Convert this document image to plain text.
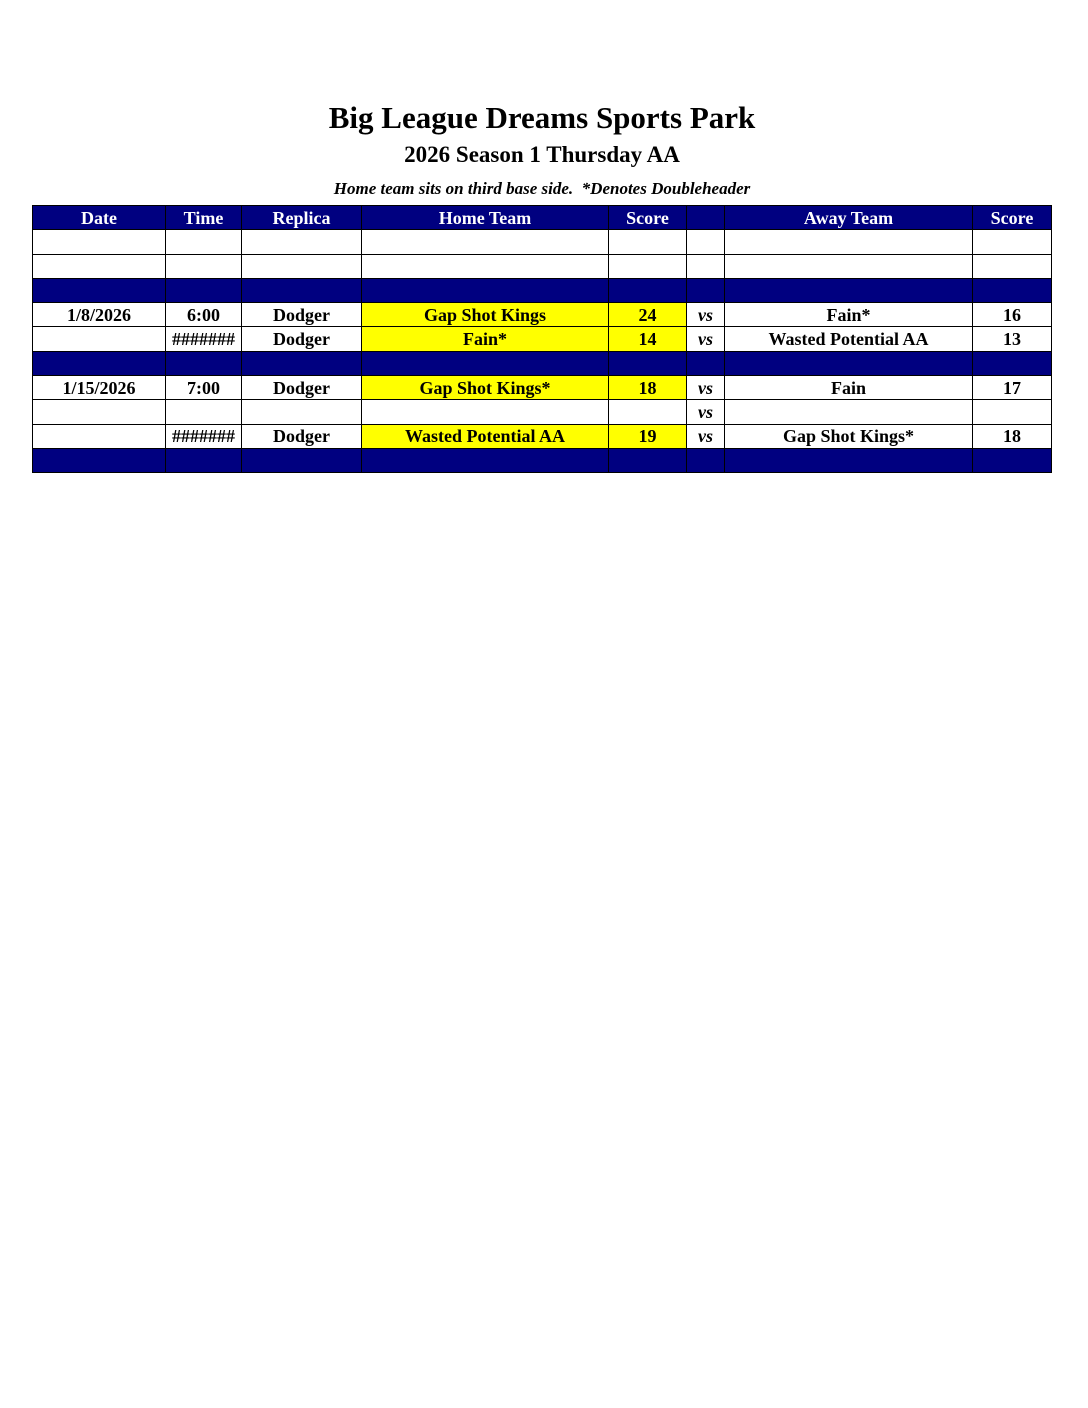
Big League Dreams Sports Park
2026 Season 1 Thursday AA
Home team sits on third base side.  *Denotes Doubleheader
Date	Time	Replica	Home Team	Score		Away Team	Score

1/8/2026	6:00	Dodger	Gap Shot Kings	24	vs	Fain*	16
	#######	Dodger	Fain*	14	vs	Wasted Potential AA	13

1/15/2026	7:00	Dodger	Gap Shot Kings*	18	vs	Fain	17
					vs		
	#######	Dodger	Wasted Potential AA	19	vs	Gap Shot Kings*	18
